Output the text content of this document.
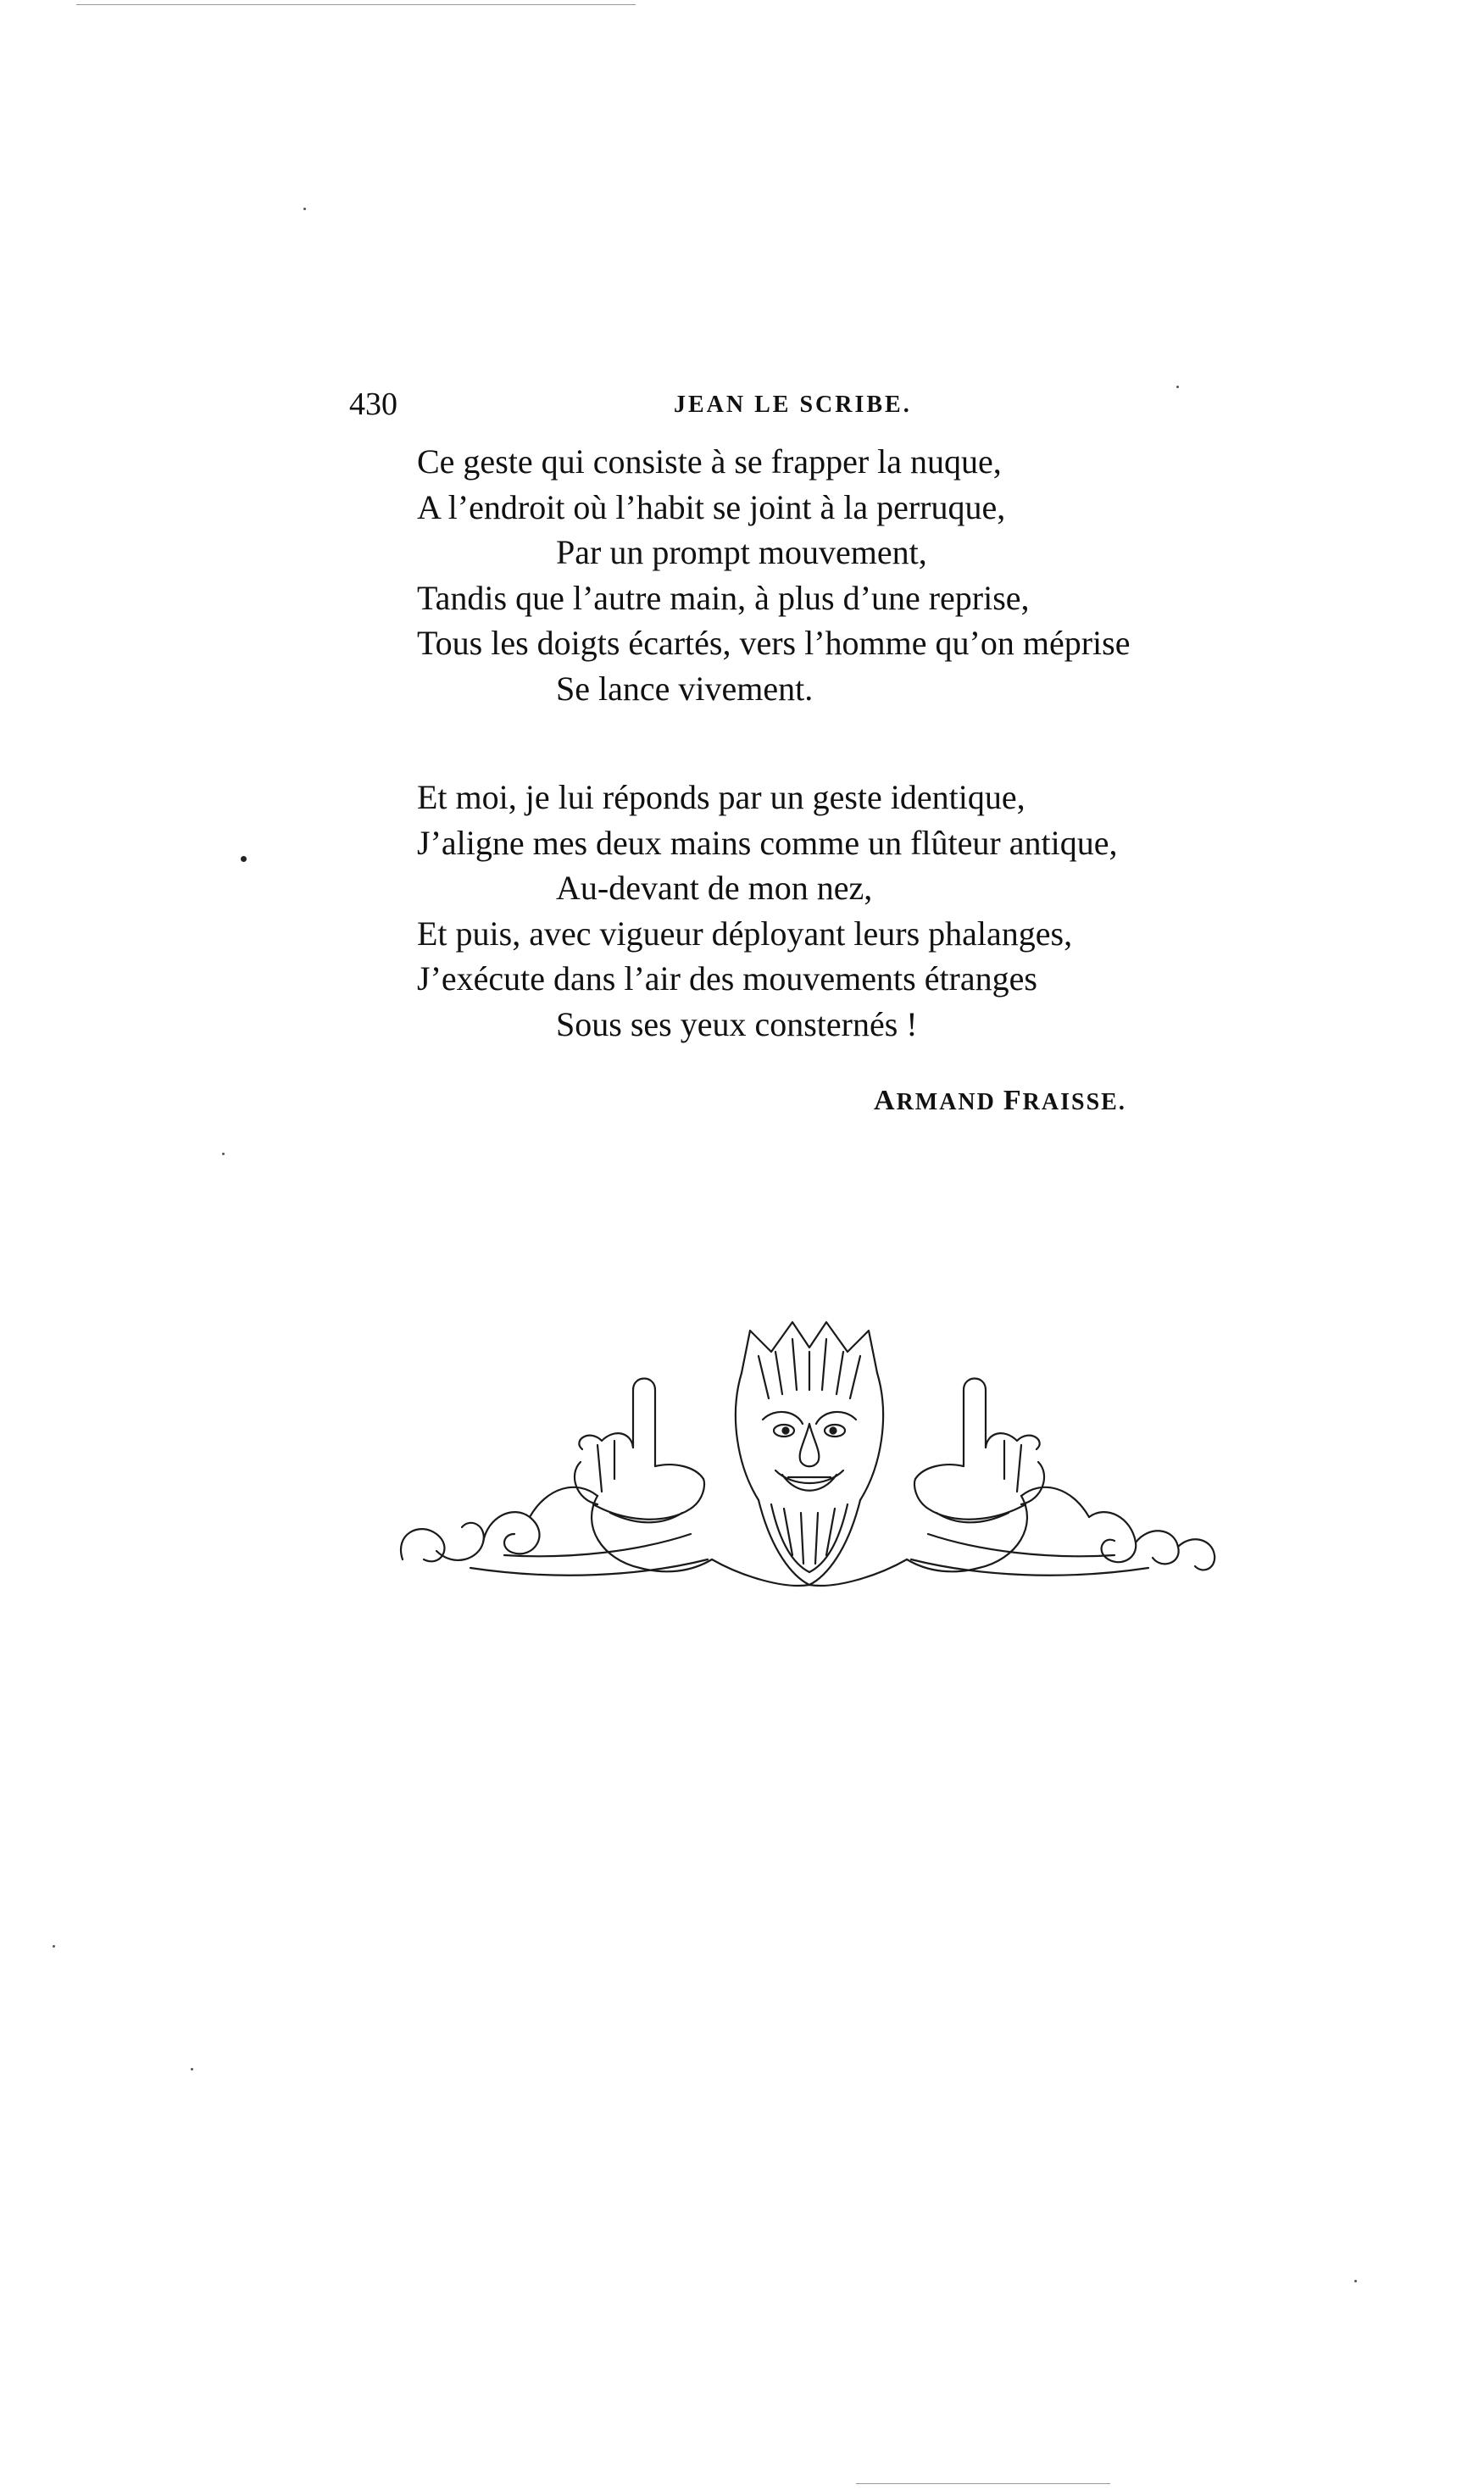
430	JEAN LE SCRIBE.
Ce geste qui consiste à se frapper la nuque,
A l’endroit où l’habit se joint à la perruque,
Par un prompt mouvement,
Tandis que l’autre main, à plus d’une reprise,
Tous les doigts écartés, vers l’homme qu’on méprise
Se lance vivement.
Et moi, je lui réponds par un geste identique,
J’aligne mes deux mains comme un flûteur antique,
Au-devant de mon nez,
Et puis, avec vigueur déployant leurs phalanges,
J’exécute dans l’air des mouvements étranges
Sous ses yeux consternés !
ARMAND FRAISSE.
